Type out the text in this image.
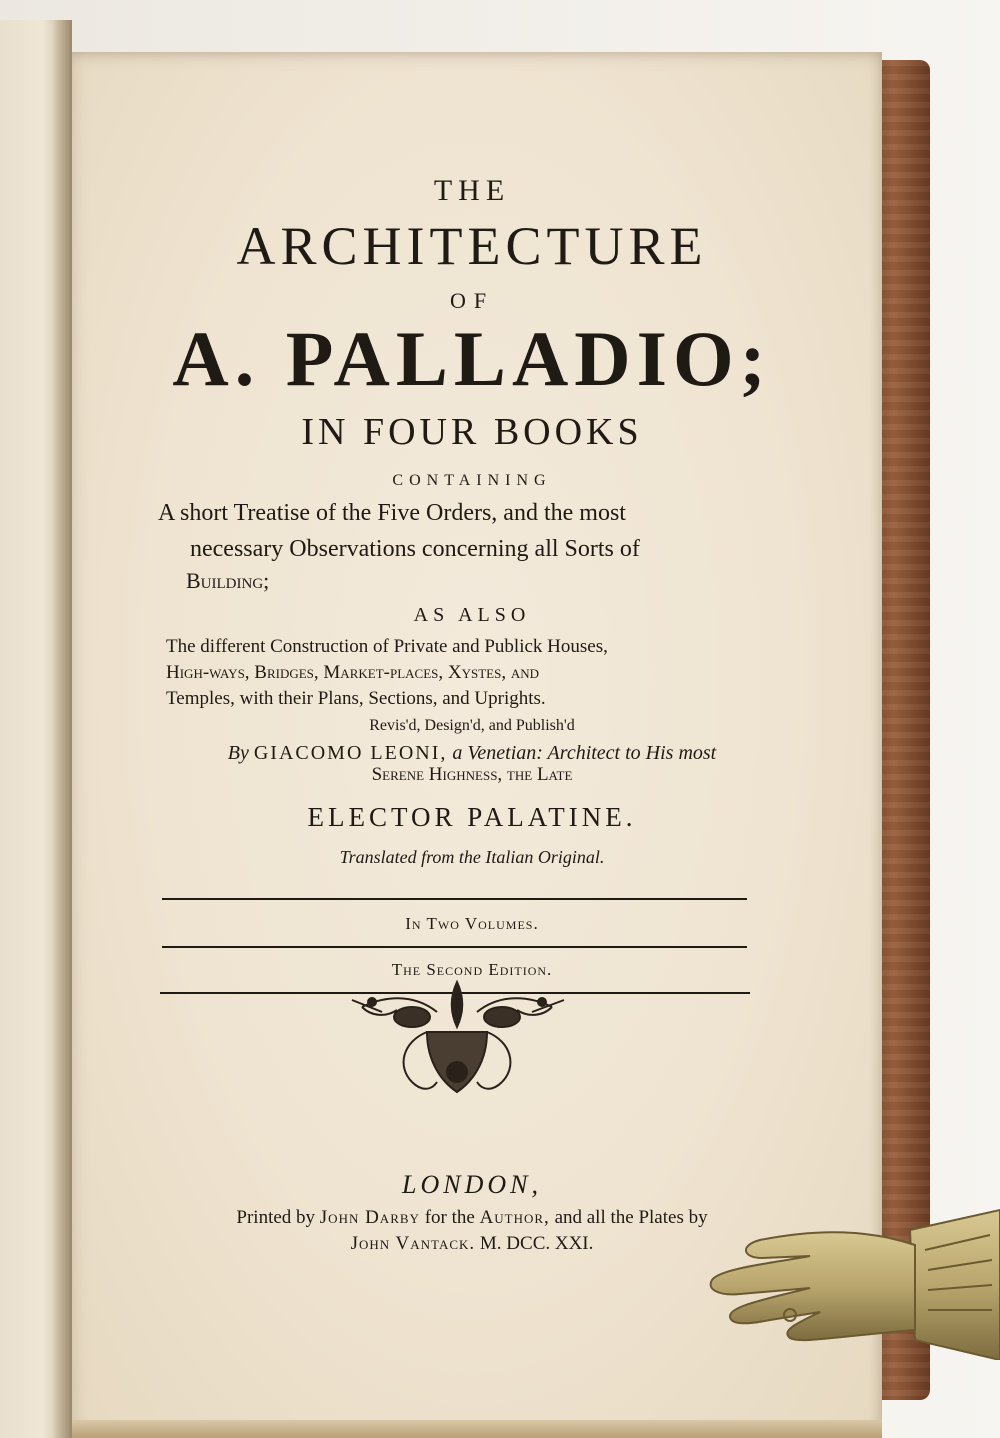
THE
ARCHITECTURE
OF
A. PALLADIO;
IN FOUR BOOKS
CONTAINING
A short Treatise of the Five Orders, and the most
necessary Observations concerning all Sorts of
Building;
AS ALSO
The different Construction of Private and Publick Houses,
High-ways, Bridges, Market-places, Xystes, and
Temples, with their Plans, Sections, and Uprights.
Revis'd, Design'd, and Publish'd
By GIACOMO LEONI, a Venetian: Architect to His most
Serene Highness, the Late
ELECTOR PALATINE.
Translated from the Italian Original.
In Two Volumes.
The Second Edition.
LONDON,
Printed by John Darby for the Author, and all the Plates by
John Vantack. M. DCC. XXI.
